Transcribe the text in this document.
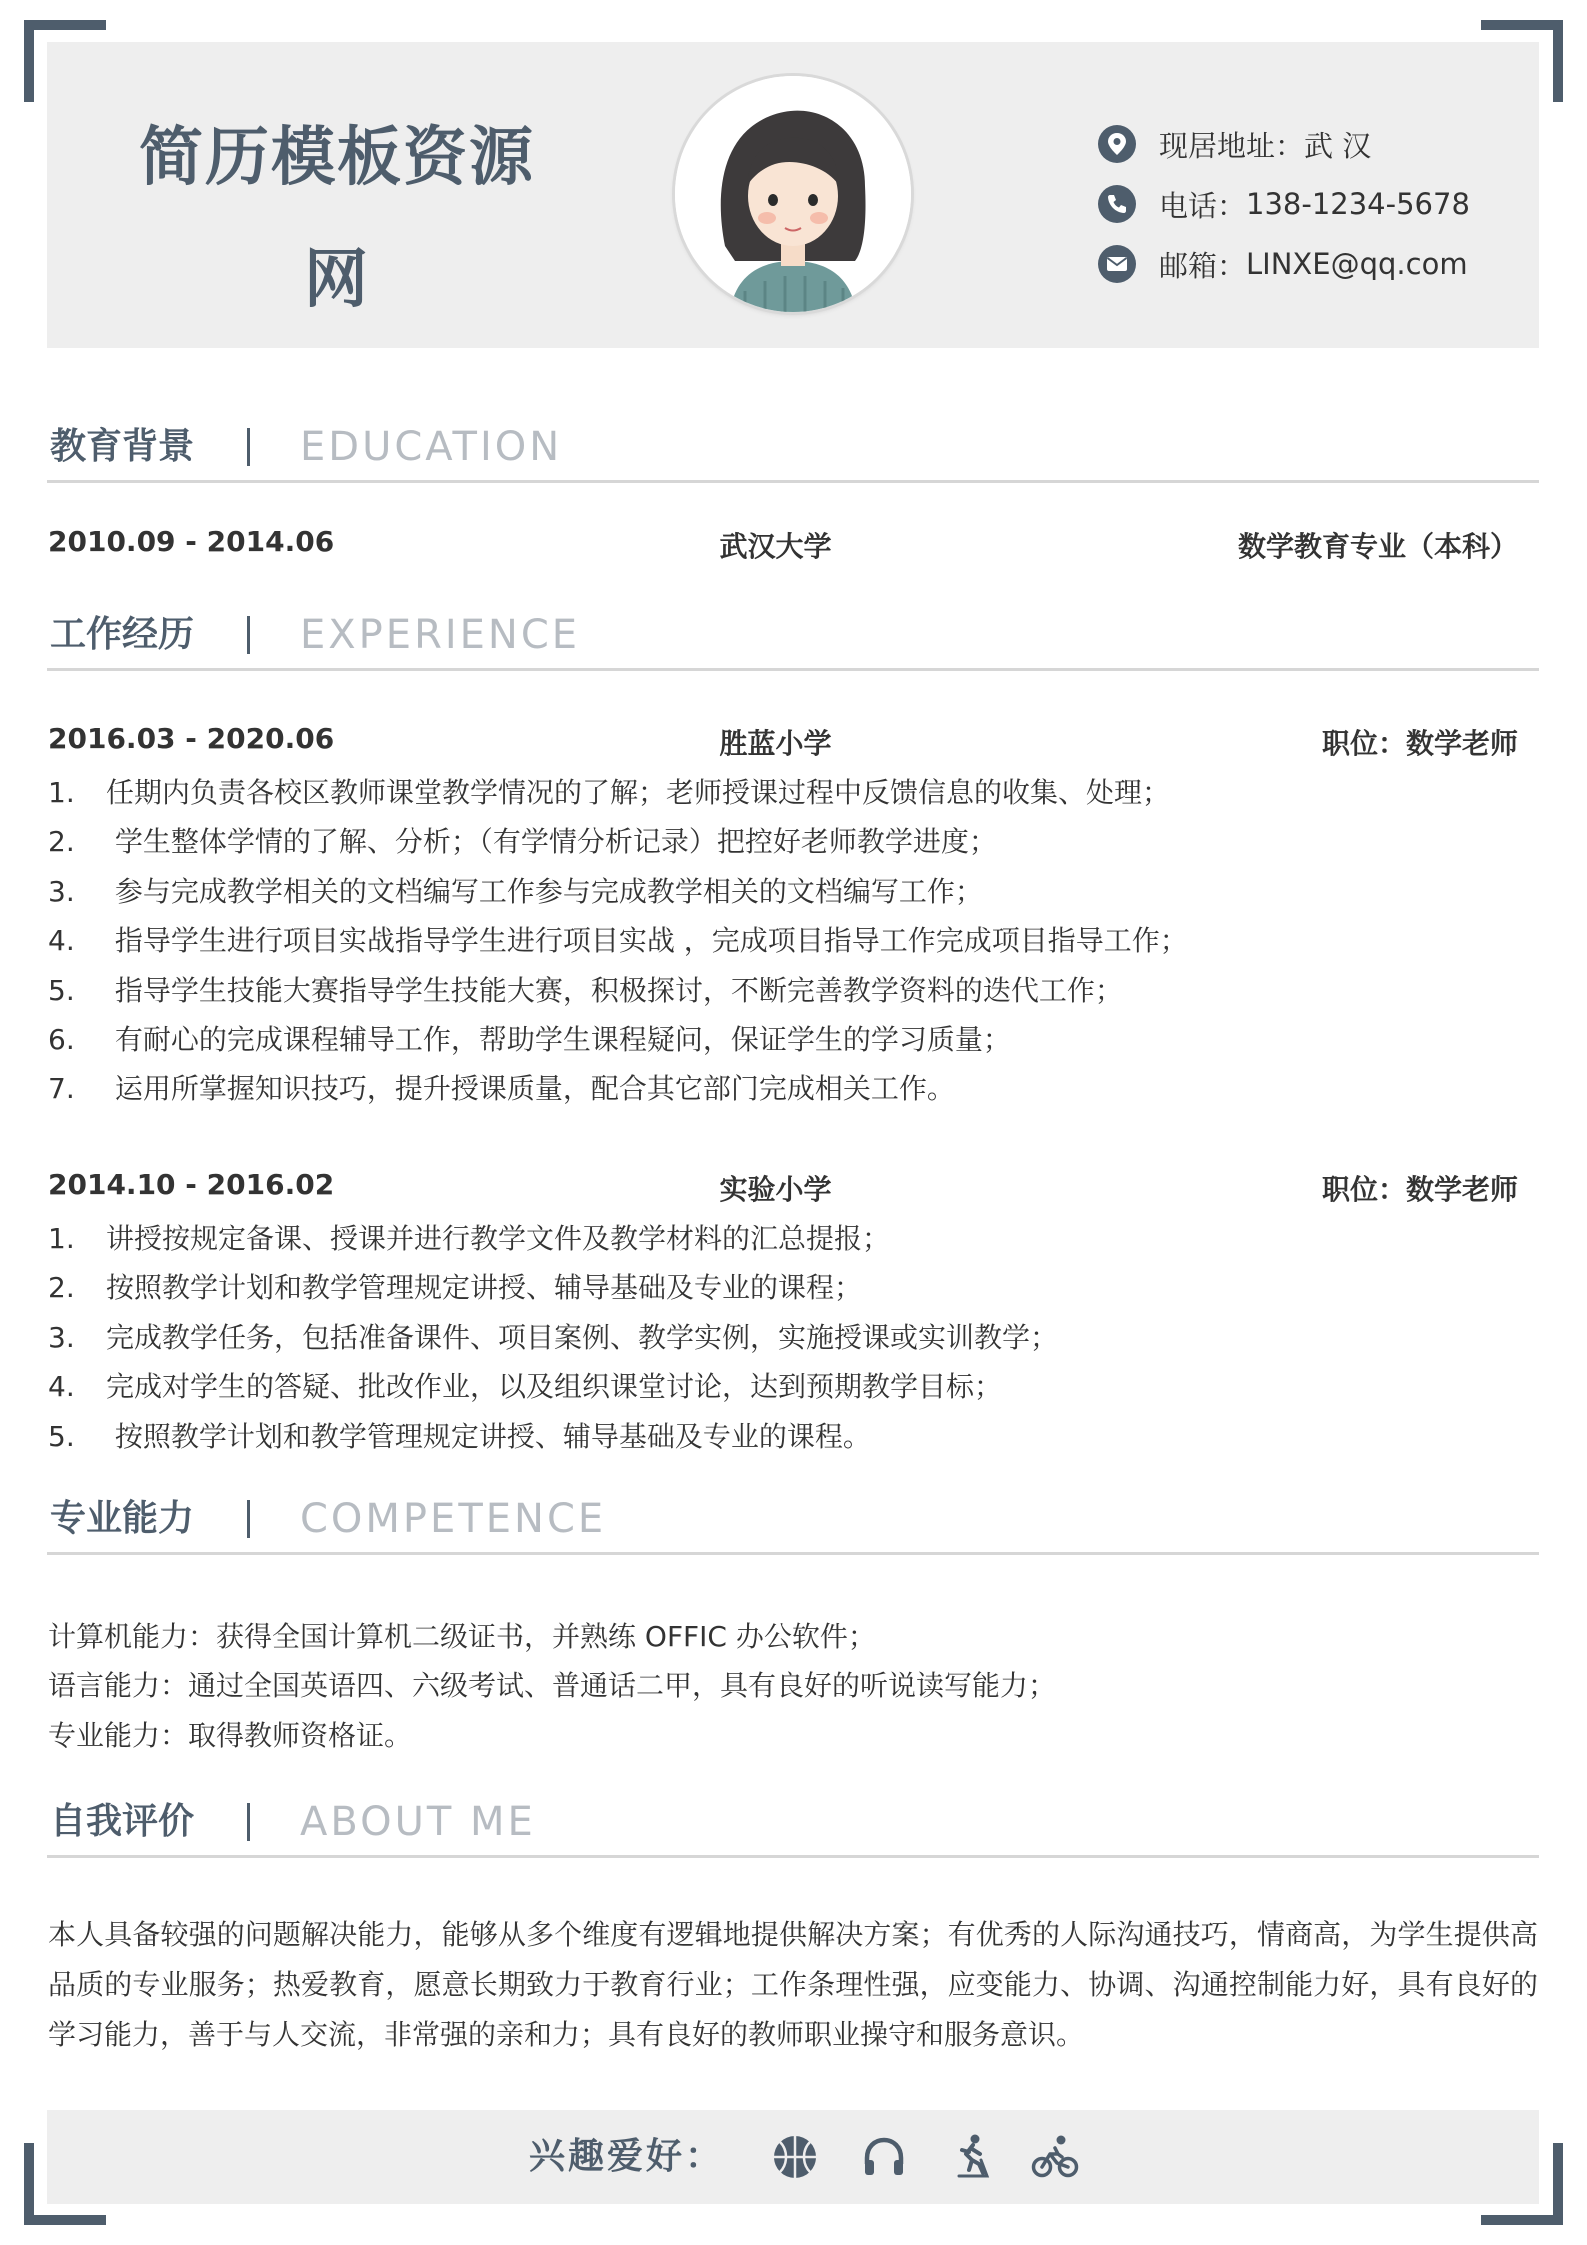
简历模板资源
网
现居地址： 武 汉
电话： 138-1234-5678
邮箱： LINXE@qq.com
教育背景	EDUCATION
2010.09 - 2014.06	武汉大学	数学教育专业（本科）
工作经历	EXPERIENCE
2016.03 - 2020.06	胜蓝小学	职位：数学老师
1. 任期内负责各校区教师课堂教学情况的了解；老师授课过程中反馈信息的收集、处理；
2. 学生整体学情的了解、分析；（有学情分析记录）把控好老师教学进度；
3. 参与完成教学相关的文档编写工作参与完成教学相关的文档编写工作；
4. 指导学生进行项目实战指导学生进行项目实战 ，完成项目指导工作完成项目指导工作；
5. 指导学生技能大赛指导学生技能大赛，积极探讨，不断完善教学资料的迭代工作；
6. 有耐心的完成课程辅导工作，帮助学生课程疑问，保证学生的学习质量；
7. 运用所掌握知识技巧，提升授课质量，配合其它部门完成相关工作。
2014.10 - 2016.02	实验小学	职位：数学老师
1. 讲授按规定备课、授课并进行教学文件及教学材料的汇总提报；
2. 按照教学计划和教学管理规定讲授、辅导基础及专业的课程；
3. 完成教学任务，包括准备课件、项目案例、教学实例，实施授课或实训教学；
4. 完成对学生的答疑、批改作业，以及组织课堂讨论，达到预期教学目标；
5. 按照教学计划和教学管理规定讲授、辅导基础及专业的课程。
专业能力	COMPETENCE
计算机能力：获得全国计算机二级证书，并熟练 OFFIC 办公软件；
语言能力：通过全国英语四、六级考试、普通话二甲，具有良好的听说读写能力；
专业能力：取得教师资格证。
自我评价	ABOUT ME
本人具备较强的问题解决能力，能够从多个维度有逻辑地提供解决方案；有优秀的人际沟通技巧，情商高，为学生提供高品质的专业服务；热爱教育，愿意长期致力于教育行业；工作条理性强，应变能力、协调、沟通控制能力好，具有良好的学习能力，善于与人交流，非常强的亲和力；具有良好的教师职业操守和服务意识。
兴趣爱好：
